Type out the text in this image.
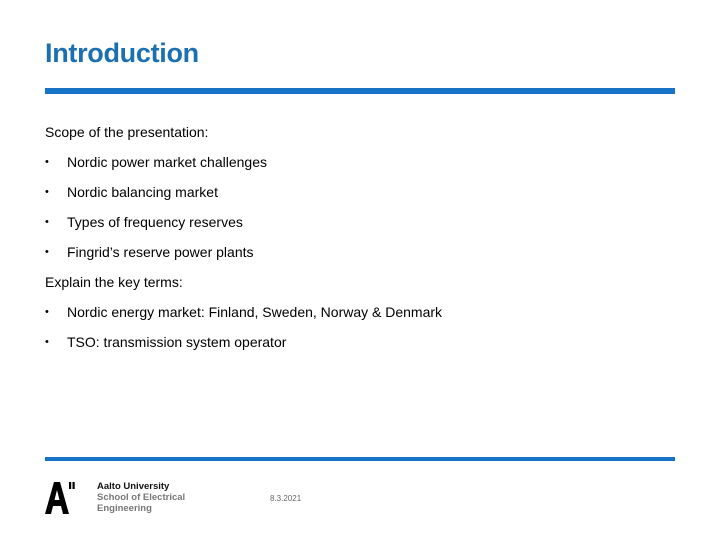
Introduction

Scope of the presentation:

• Nordic power market challenges
• Nordic balancing market
• Types of frequency reserves
• Fingrid’s reserve power plants

Explain the key terms:

• Nordic energy market: Finland, Sweden, Norway & Denmark
• TSO: transmission system operator
Aalto University
School of Electrical
Engineering
8.3.2021
